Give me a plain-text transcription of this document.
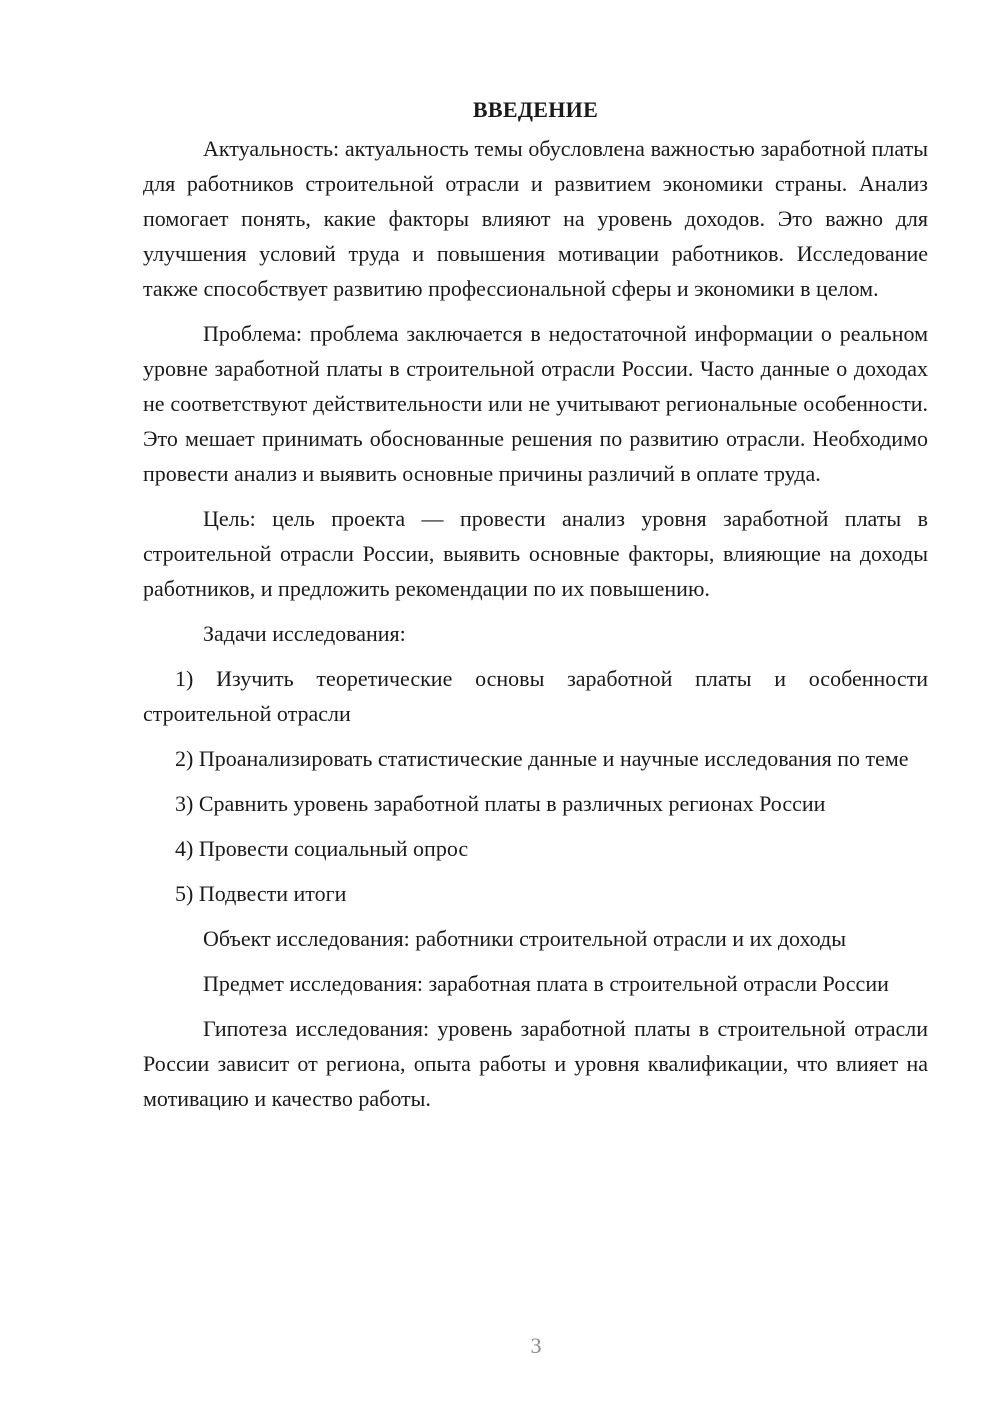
ВВЕДЕНИЕ

Актуальность: актуальность темы обусловлена важностью заработной платы для работников строительной отрасли и развитием экономики страны. Анализ помогает понять, какие факторы влияют на уровень доходов. Это важно для улучшения условий труда и повышения мотивации работников. Исследование также способствует развитию профессиональной сферы и экономики в целом.

Проблема: проблема заключается в недостаточной информации о реальном уровне заработной платы в строительной отрасли России. Часто данные о доходах не соответствуют действительности или не учитывают региональные особенности. Это мешает принимать обоснованные решения по развитию отрасли. Необходимо провести анализ и выявить основные причины различий в оплате труда.

Цель: цель проекта — провести анализ уровня заработной платы в строительной отрасли России, выявить основные факторы, влияющие на доходы работников, и предложить рекомендации по их повышению.

Задачи исследования:

1) Изучить теоретические основы заработной платы и особенности строительной отрасли

2) Проанализировать статистические данные и научные исследования по теме

3) Сравнить уровень заработной платы в различных регионах России

4) Провести социальный опрос

5) Подвести итоги

Объект исследования: работники строительной отрасли и их доходы

Предмет исследования: заработная плата в строительной отрасли России

Гипотеза исследования: уровень заработной платы в строительной отрасли России зависит от региона, опыта работы и уровня квалификации, что влияет на мотивацию и качество работы.

3
